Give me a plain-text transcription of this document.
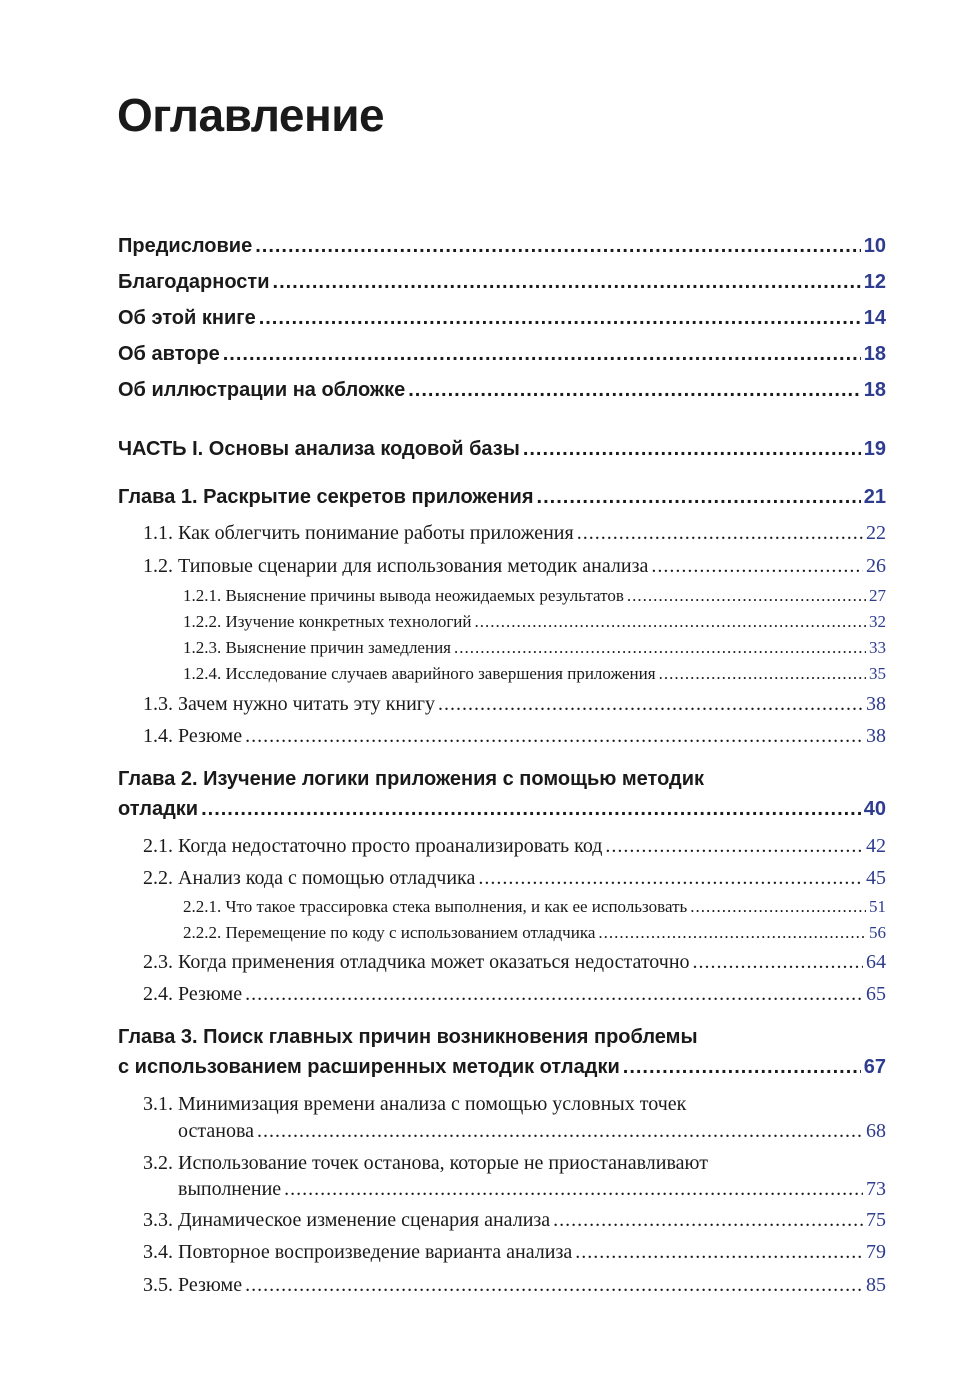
Оглавление
Предисловие .....	10
Благодарности .....	12
Об этой книге .....	14
Об авторе .....	18
Об иллюстрации на обложке .....	18
ЧАСТЬ I. Основы анализа кодовой базы .....	19
Глава 1. Раскрытие секретов приложения .....	21
1.1. Как облегчить понимание работы приложения .....	22
1.2. Типовые сценарии для использования методик анализа .....	26
1.2.1. Выяснение причины вывода неожидаемых результатов .....	27
1.2.2. Изучение конкретных технологий .....	32
1.2.3. Выяснение причин замедления .....	33
1.2.4. Исследование случаев аварийного завершения приложения .....	35
1.3. Зачем нужно читать эту книгу .....	38
1.4. Резюме .....	38
Глава 2. Изучение логики приложения с помощью методик
отладки .....	40
2.1. Когда недостаточно просто проанализировать код .....	42
2.2. Анализ кода с помощью отладчика .....	45
2.2.1. Что такое трассировка стека выполнения, и как ее использовать .....	51
2.2.2. Перемещение по коду с использованием отладчика .....	56
2.3. Когда применения отладчика может оказаться недостаточно .....	64
2.4. Резюме .....	65
Глава 3. Поиск главных причин возникновения проблемы
с использованием расширенных методик отладки .....	67
3.1. Минимизация времени анализа с помощью условных точек
останова .....	68
3.2. Использование точек останова, которые не приостанавливают
выполнение .....	73
3.3. Динамическое изменение сценария анализа .....	75
3.4. Повторное воспроизведение варианта анализа .....	79
3.5. Резюме .....	85
